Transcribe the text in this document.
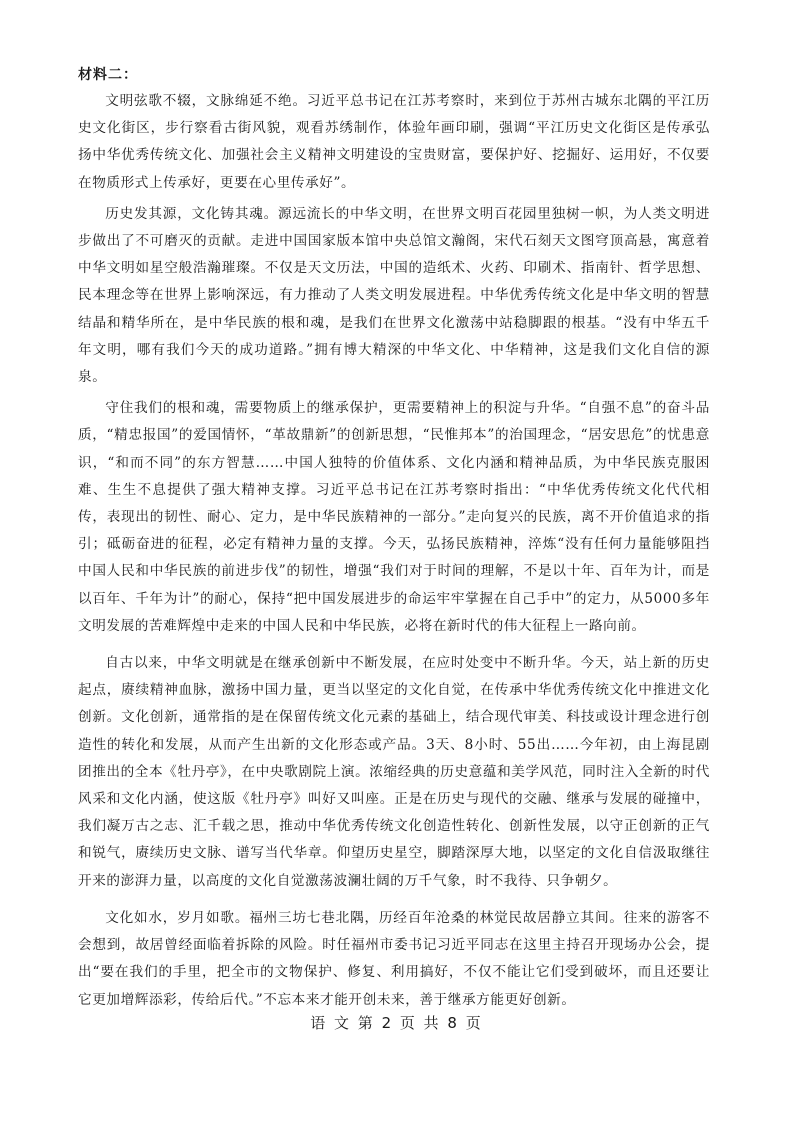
材料二：

文明弦歌不辍，文脉绵延不绝。习近平总书记在江苏考察时，来到位于苏州古城东北隅的平江历史文化街区，步行察看古街风貌，观看苏绣制作，体验年画印刷，强调“平江历史文化街区是传承弘扬中华优秀传统文化、加强社会主义精神文明建设的宝贵财富，要保护好、挖掘好、运用好，不仅要在物质形式上传承好，更要在心里传承好”。

历史发其源，文化铸其魂。源远流长的中华文明，在世界文明百花园里独树一帜，为人类文明进步做出了不可磨灭的贡献。走进中国国家版本馆中央总馆文瀚阁，宋代石刻天文图穹顶高悬，寓意着中华文明如星空般浩瀚璀璨。不仅是天文历法，中国的造纸术、火药、印刷术、指南针、哲学思想、民本理念等在世界上影响深远，有力推动了人类文明发展进程。中华优秀传统文化是中华文明的智慧结晶和精华所在，是中华民族的根和魂，是我们在世界文化激荡中站稳脚跟的根基。“没有中华五千年文明，哪有我们今天的成功道路。”拥有博大精深的中华文化、中华精神，这是我们文化自信的源泉。

守住我们的根和魂，需要物质上的继承保护，更需要精神上的积淀与升华。“自强不息”的奋斗品质，“精忠报国”的爱国情怀，“革故鼎新”的创新思想，“民惟邦本”的治国理念，“居安思危”的忧患意识，“和而不同”的东方智慧……中国人独特的价值体系、文化内涵和精神品质，为中华民族克服困难、生生不息提供了强大精神支撑。习近平总书记在江苏考察时指出：“中华优秀传统文化代代相传，表现出的韧性、耐心、定力，是中华民族精神的一部分。”走向复兴的民族，离不开价值追求的指引；砥砺奋进的征程，必定有精神力量的支撑。今天，弘扬民族精神，淬炼“没有任何力量能够阻挡中国人民和中华民族的前进步伐”的韧性，增强“我们对于时间的理解，不是以十年、百年为计，而是以百年、千年为计”的耐心，保持“把中国发展进步的命运牢牢掌握在自己手中”的定力，从5000多年文明发展的苦难辉煌中走来的中国人民和中华民族，必将在新时代的伟大征程上一路向前。

自古以来，中华文明就是在继承创新中不断发展，在应时处变中不断升华。今天，站上新的历史起点，赓续精神血脉，激扬中国力量，更当以坚定的文化自觉，在传承中华优秀传统文化中推进文化创新。文化创新，通常指的是在保留传统文化元素的基础上，结合现代审美、科技或设计理念进行创造性的转化和发展，从而产生出新的文化形态或产品。3天、8小时、55出……今年初，由上海昆剧团推出的全本《牡丹亭》，在中央歌剧院上演。浓缩经典的历史意蕴和美学风范，同时注入全新的时代风采和文化内涵，使这版《牡丹亭》叫好又叫座。正是在历史与现代的交融、继承与发展的碰撞中，我们凝万古之志、汇千载之思，推动中华优秀传统文化创造性转化、创新性发展，以守正创新的正气和锐气，赓续历史文脉、谱写当代华章。仰望历史星空，脚踏深厚大地，以坚定的文化自信汲取继往开来的澎湃力量，以高度的文化自觉激荡波澜壮阔的万千气象，时不我待、只争朝夕。

文化如水，岁月如歌。福州三坊七巷北隅，历经百年沧桑的林觉民故居静立其间。往来的游客不会想到，故居曾经面临着拆除的风险。时任福州市委书记习近平同志在这里主持召开现场办公会，提出“要在我们的手里，把全市的文物保护、修复、利用搞好，不仅不能让它们受到破坏，而且还要让它更加增辉添彩，传给后代。”不忘本来才能开创未来，善于继承方能更好创新。

语 文 第 2 页 共 8 页
